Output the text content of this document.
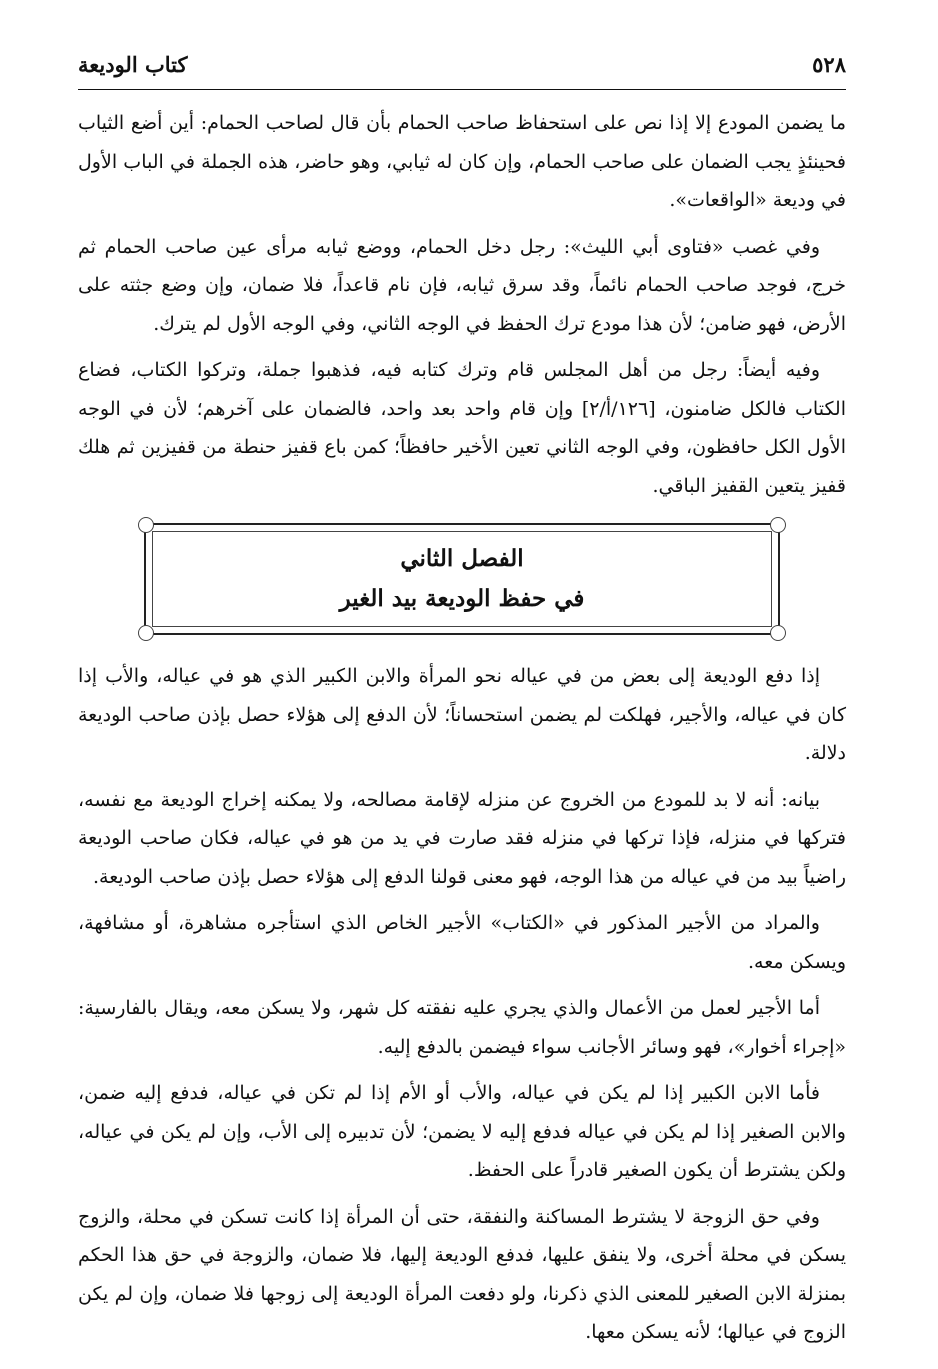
٥٢٨
كتاب الوديعة

ما يضمن المودع إلا إذا نص على استحفاظ صاحب الحمام بأن قال لصاحب الحمام: أين أضع الثياب فحينئذٍ يجب الضمان على صاحب الحمام، وإن كان له ثيابي، وهو حاضر، هذه الجملة في الباب الأول في وديعة «الواقعات».

وفي غصب «فتاوى أبي الليث»: رجل دخل الحمام، ووضع ثيابه مرأى عين صاحب الحمام ثم خرج، فوجد صاحب الحمام نائماً، وقد سرق ثيابه، فإن نام قاعداً، فلا ضمان، وإن وضع جثته على الأرض، فهو ضامن؛ لأن هذا مودع ترك الحفظ في الوجه الثاني، وفي الوجه الأول لم يترك.

وفيه أيضاً: رجل من أهل المجلس قام وترك كتابه فيه، فذهبوا جملة، وتركوا الكتاب، فضاع الكتاب فالكل ضامنون، [١٢٦/أ/٢] وإن قام واحد بعد واحد، فالضمان على آخرهم؛ لأن في الوجه الأول الكل حافظون، وفي الوجه الثاني تعين الأخير حافظاً؛ كمن باع قفيز حنطة من قفيزين ثم هلك قفيز يتعين القفيز الباقي.

الفصل الثاني
في حفظ الوديعة بيد الغير

إذا دفع الوديعة إلى بعض من في عياله نحو المرأة والابن الكبير الذي هو في عياله، والأب إذا كان في عياله، والأجير، فهلكت لم يضمن استحساناً؛ لأن الدفع إلى هؤلاء حصل بإذن صاحب الوديعة دلالة.

بيانه: أنه لا بد للمودع من الخروج عن منزله لإقامة مصالحه، ولا يمكنه إخراج الوديعة مع نفسه، فتركها في منزله، فإذا تركها في منزله فقد صارت في يد من هو في عياله، فكان صاحب الوديعة راضياً بيد من في عياله من هذا الوجه، فهو معنى قولنا الدفع إلى هؤلاء حصل بإذن صاحب الوديعة.

والمراد من الأجير المذكور في «الكتاب» الأجير الخاص الذي استأجره مشاهرة، أو مشافهة، ويسكن معه.

أما الأجير لعمل من الأعمال والذي يجري عليه نفقته كل شهر، ولا يسكن معه، ويقال بالفارسية: «إجراء أخوار»، فهو وسائر الأجانب سواء فيضمن بالدفع إليه.

فأما الابن الكبير إذا لم يكن في عياله، والأب أو الأم إذا لم تكن في عياله، فدفع إليه ضمن، والابن الصغير إذا لم يكن في عياله فدفع إليه لا يضمن؛ لأن تدبيره إلى الأب، وإن لم يكن في عياله، ولكن يشترط أن يكون الصغير قادراً على الحفظ.

وفي حق الزوجة لا يشترط المساكنة والنفقة، حتى أن المرأة إذا كانت تسكن في محلة، والزوج يسكن في محلة أخرى، ولا ينفق عليها، فدفع الوديعة إليها، فلا ضمان، والزوجة في حق هذا الحكم بمنزلة الابن الصغير للمعنى الذي ذكرنا، ولو دفعت المرأة الوديعة إلى زوجها فلا ضمان، وإن لم يكن الزوج في عيالها؛ لأنه يسكن معها.
